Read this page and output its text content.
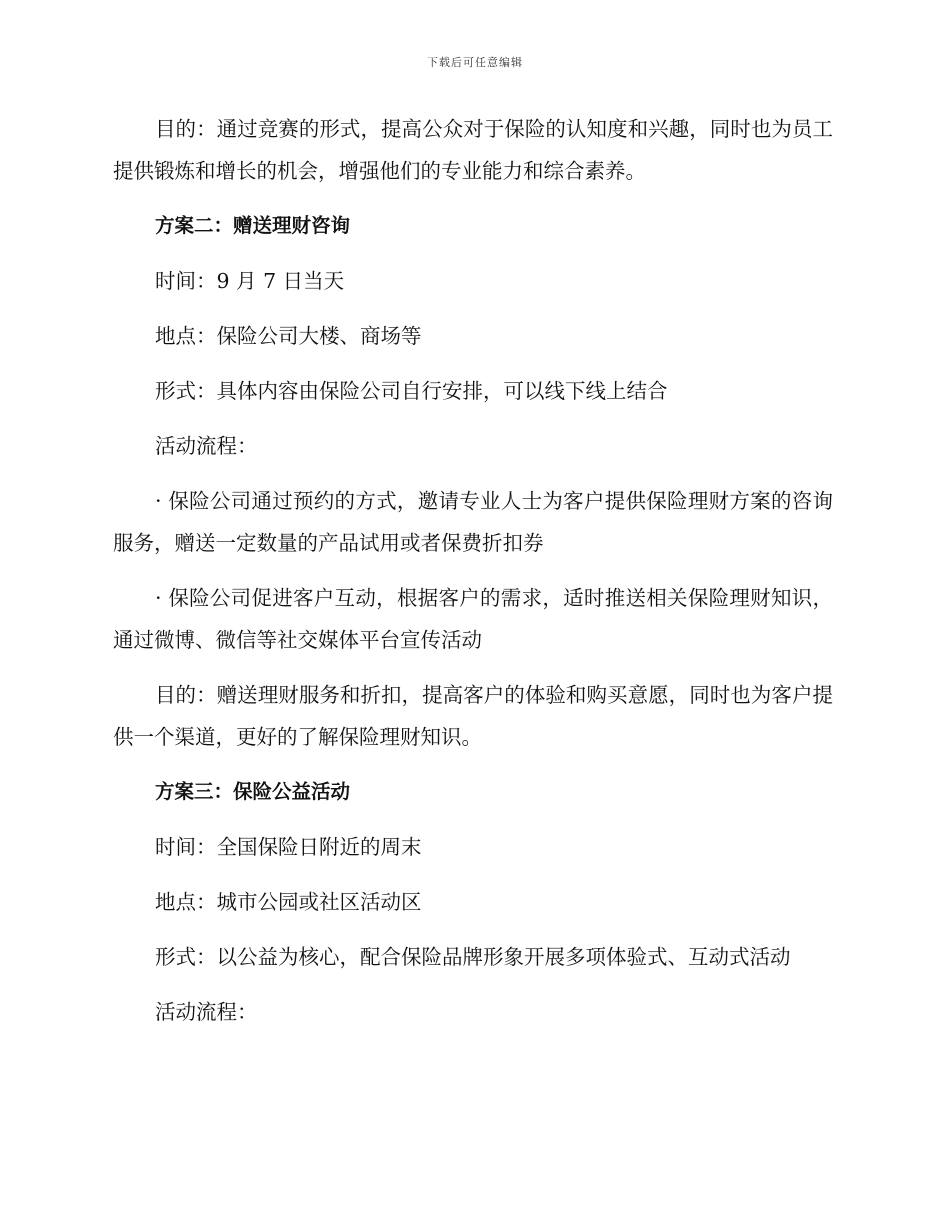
下载后可任意编辑

目的：通过竞赛的形式，提高公众对于保险的认知度和兴趣，同时也为员工提供锻炼和增长的机会，增强他们的专业能力和综合素养。

方案二：赠送理财咨询

时间：9 月 7 日当天

地点：保险公司大楼、商场等

形式：具体内容由保险公司自行安排，可以线下线上结合

活动流程：

· 保险公司通过预约的方式，邀请专业人士为客户提供保险理财方案的咨询服务，赠送一定数量的产品试用或者保费折扣券

· 保险公司促进客户互动，根据客户的需求，适时推送相关保险理财知识，通过微博、微信等社交媒体平台宣传活动

目的：赠送理财服务和折扣，提高客户的体验和购买意愿，同时也为客户提供一个渠道，更好的了解保险理财知识。

方案三：保险公益活动

时间：全国保险日附近的周末

地点：城市公园或社区活动区

形式：以公益为核心，配合保险品牌形象开展多项体验式、互动式活动

活动流程：
